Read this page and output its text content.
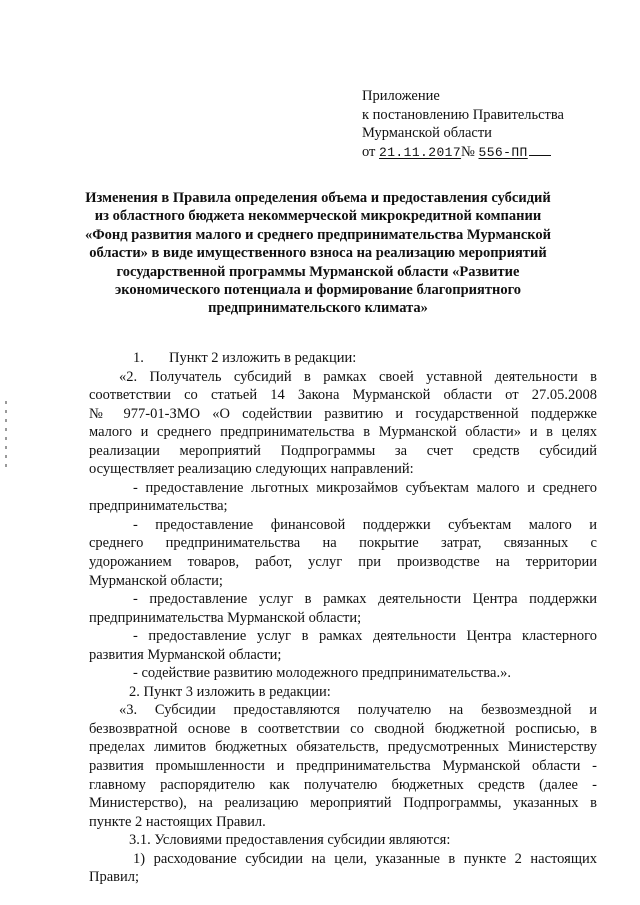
Приложение
к постановлению Правительства
Мурманской области
от 21.11.2017№ 556-ПП
Изменения в Правила определения объема и предоставления субсидий
из областного бюджета некоммерческой микрокредитной компании
«Фонд развития малого и среднего предпринимательства Мурманской
области» в виде имущественного взноса на реализацию мероприятий
государственной программы Мурманской области «Развитие
экономического потенциала и формирование благоприятного
предпринимательского климата»
1. Пункт 2 изложить в редакции:
«2. Получатель субсидий в рамках своей уставной деятельности в
соответствии со статьей 14 Закона Мурманской области от 27.05.2008
№ 977-01-ЗМО «О содействии развитию и государственной поддержке
малого и среднего предпринимательства в Мурманской области» и в целях
реализации мероприятий Подпрограммы за счет средств субсидий
осуществляет реализацию следующих направлений:
- предоставление льготных микрозаймов субъектам малого и среднего
предпринимательства;
- предоставление финансовой поддержки субъектам малого и
среднего предпринимательства на покрытие затрат, связанных с
удорожанием товаров, работ, услуг при производстве на территории
Мурманской области;
- предоставление услуг в рамках деятельности Центра поддержки
предпринимательства Мурманской области;
- предоставление услуг в рамках деятельности Центра кластерного
развития Мурманской области;
- содействие развитию молодежного предпринимательства.».
2. Пункт 3 изложить в редакции:
«3. Субсидии предоставляются получателю на безвозмездной и
безвозвратной основе в соответствии со сводной бюджетной росписью, в
пределах лимитов бюджетных обязательств, предусмотренных Министерству
развития промышленности и предпринимательства Мурманской области -
главному распорядителю как получателю бюджетных средств (далее -
Министерство), на реализацию мероприятий Подпрограммы, указанных в
пункте 2 настоящих Правил.
3.1. Условиями предоставления субсидии являются:
1) расходование субсидии на цели, указанные в пункте 2 настоящих
Правил;
